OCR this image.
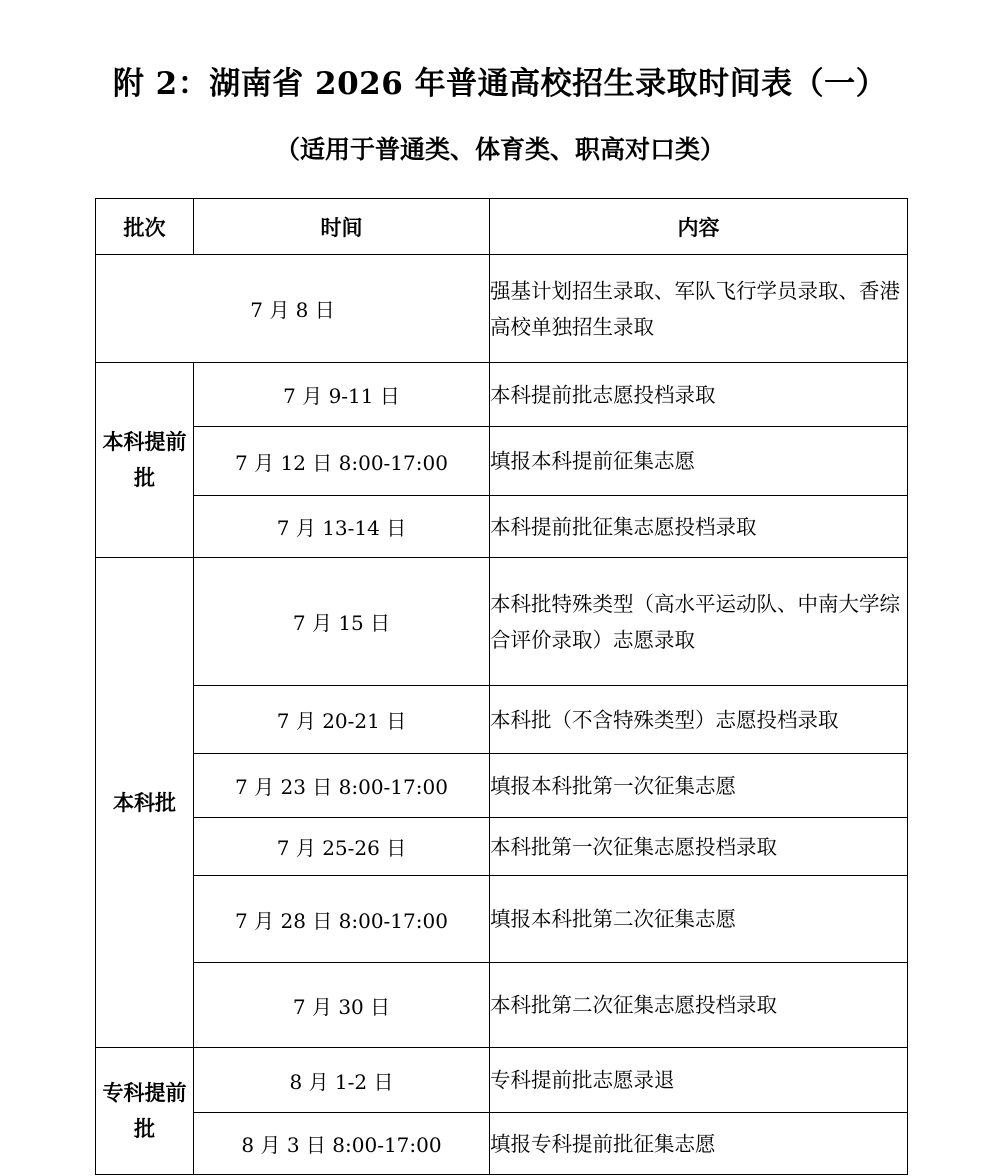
附 2：湖南省 2026 年普通高校招生录取时间表（一）
（适用于普通类、体育类、职高对口类）
批次	时间	内容
7 月 8 日		强基计划招生录取、军队飞行学员录取、香港高校单独招生录取
本科提前批	7 月 9-11 日	本科提前批志愿投档录取
	7 月 12 日 8:00-17:00	填报本科提前征集志愿
	7 月 13-14 日	本科提前批征集志愿投档录取
本科批	7 月 15 日	本科批特殊类型（高水平运动队、中南大学综合评价录取）志愿录取
	7 月 20-21 日	本科批（不含特殊类型）志愿投档录取
	7 月 23 日 8:00-17:00	填报本科批第一次征集志愿
	7 月 25-26 日	本科批第一次征集志愿投档录取
	7 月 28 日 8:00-17:00	填报本科批第二次征集志愿
	7 月 30 日	本科批第二次征集志愿投档录取
专科提前批	8 月 1-2 日	专科提前批志愿录退
	8 月 3 日 8:00-17:00	填报专科提前批征集志愿
